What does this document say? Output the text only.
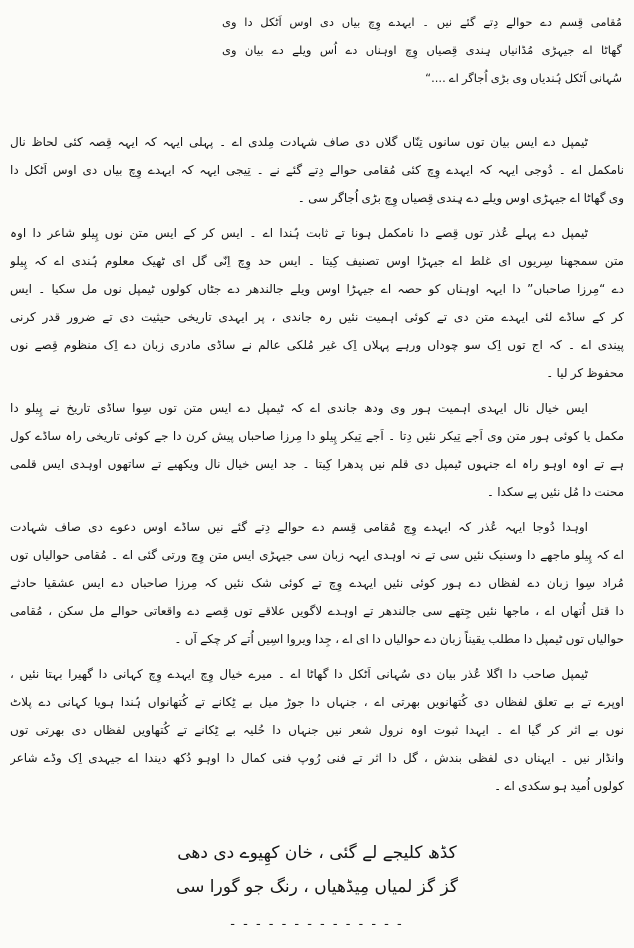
مُقامی قِسم دے حوالے دِتے گئے نیں ۔ ایہدے وِچ بیاں دی اوس اَٹکل دا وی
گھاٹا اے جیہڑی مُڈانیاں ہِندی قِصیاں وِچ اوہناں دے اُس ویلے دے بیان وی
سُہانی اَٹکل ہُندیاں وی بڑی اُجاگر اے ....“
ٹیمپل دے ایس بیان توں سانوں تِنّاں گلاں دی صاف شہادت مِلدی اے ۔ پہلی ایہہ کہ ایہہ قِصہ کئی لحاظ نال
نامکمل اے ۔ دُوجی ایہہ کہ ایہدے وِچ کئی مُقامی حوالے دِتے گئے نے ۔ تِیجی ایہہ کہ ایہدے وِچ بیاں دی اوس اَٹکل دا
وی گھاٹا اے جیہڑی اوس ویلے دے ہِندی قِصیاں وِچ بڑی اُجاگر سی ۔
ٹیمپل دے پہلے عُذر توں قِصے دا نامکمل ہونا تے ثابت ہُندا اے ۔ ایس کر کے ایس متن نوں پِیلو شاعر دا اوہ
متن سمجھنا سِریوں ای غلط اے جیہڑا اوس تصنیف کِیتا ۔ ایس حد وِچ اِنّی گل ای ٹھیک معلوم ہُندی اے کہ پِیلو
دے “مِرزا صاحباں” دا ایہہ اوہناں کو حصہ اے جیہڑا اوس ویلے جالندھر دے جٹاں کولوں ٹیمپل نوں مل سکیا ۔ ایس
کر کے ساڈے لئی ایہدے متن دی تے کوئی اہمیت نئیں رہ جاندی ، پر ایہدی تاریخی حیثیت دی تے ضرور قدر کرنی
پیندی اے ۔ کہ اج توں اِک سو چوداں ورہے پہلاں اِک غیر مُلکی عالم نے ساڈی مادری زبان دے اِک منظوم قِصے نوں
محفوظ کر لیا ۔
ایس خیال نال ایہدی اہمیت ہور وی ودھ جاندی اے کہ ٹیمپل دے ایس متن توں سِوا ساڈی تاریخ نے پِیلو دا
مکمل یا کوئی ہور متن وی اَجے تِیکر نئیں دِتا ۔ اَجے تِیکر پِیلو دا مِرزا صاحباں پیش کرن دا جے کوئی تاریخی راہ ساڈے کول
ہے تے اوہ اوہو راہ اے جنہوں ٹیمپل دی قلم نیں پدھرا کِیتا ۔ جد ایس خیال نال ویکھیے تے ساتھوں اوہدی ایس قلمی
محنت دا مُل نئیں پے سکدا ۔
اوہدا دُوجا ایہہ عُذر کہ ایہدے وِچ مُقامی قِسم دے حوالے دِتے گئے نیں ساڈے اوس دعوے دی صاف شہادت
اے کہ پِیلو ماجھے دا وسنیک نئیں سی تے نہ اوہدی ایہہ زبان سی جیہڑی ایس متن وِچ ورتی گئی اے ۔ مُقامی حوالیاں توں
مُراد سِوا زبان دے لفظاں دے ہور کوئی نئیں ایہدے وِچ تے کوئی شک نئیں کہ مِرزا صاحباں دے ایس عشقیا حادثے
دا قتل اُتھاں اے ، ماجھا نئیں جِتھے سی جالندھر تے اوہدے لاگویں علاقے توں قِصے دے واقعاتی حوالے مل سکن ، مُقامی
حوالیاں توں ٹیمپل دا مطلب یقیناً زبان دے حوالیاں دا ای اے ، جِدا ویروا اسِیں اُتے کر چکے آں ۔
ٹیمپل صاحب دا اگلا عُذر بیان دی سُہانی اَٹکل دا گھاٹا اے ۔ میرے خیال وِچ ایہدے وِچ کہانی دا گھیرا بہتا نئیں ،
اوپرے تے بے تعلق لفظاں دی کُتھانویں بھرتی اے ، جنہاں دا جوڑ میل بے ٹِکانے تے کُتھانواں ہُندا ہویا کہانی دے پلاٹ
نوں بے اثر کر گیا اے ۔ ایہدا ثبوت اوہ نرول شعر نیں جنہاں دا حُلیہ بے ٹِکانے تے کُتھاویں لفظاں دی بھرتی توں
وانڈار نیں ۔ ایہناں دی لفظی بندش ، گل دا اثر تے فنی رُوپ فنی کمال دا اوہو دُکھ دیندا اے جیہدی اِک وڈے شاعر
کولوں اُمید ہو سکدی اے ۔
کڈھ کلیجے لے گئی ، خان کھِیوے دی دھی
گز گز لمیاں مِیڈھیاں ، رنگ جو گورا سی
- - - - - - - - - - - - - -
